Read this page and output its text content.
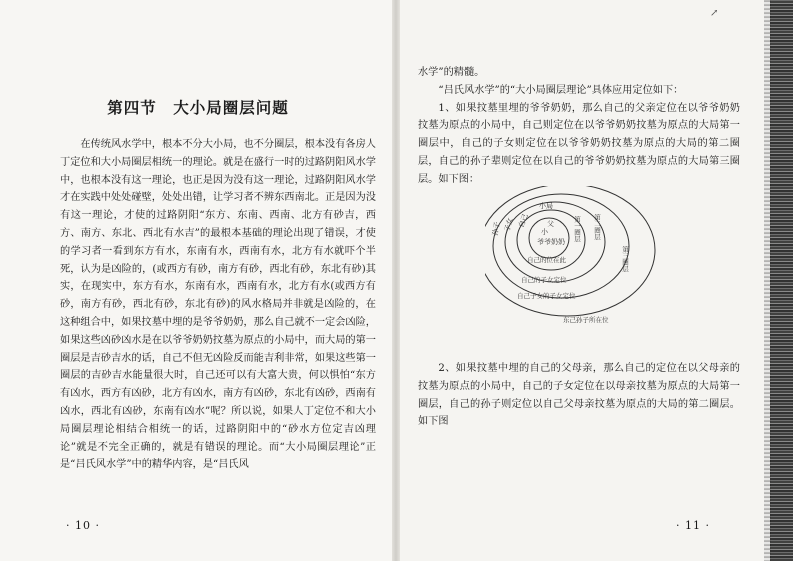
第四节　大小局圈层问题

在传统风水学中，根本不分大小局，也不分圈层，根本没有各房人丁定位和大小局圈层相统一的理论。就是在盛行一时的过路阴阳风水学中，也根本没有这一理论，也正是因为没有这一理论，过路阴阳风水学才在实践中处处碰壁，处处出错，让学习者不辨东西南北。正是因为没有这一理论，才使的过路阴阳“东方、东南、西南、北方有砂吉，西方、南方、东北、西北有水吉”的最根本基础的理论出现了错误，才使的学习者一看到东方有水，东南有水，西南有水，北方有水就吓个半死，认为是凶险的，(或西方有砂，南方有砂，西北有砂，东北有砂)其实，在现实中，东方有水，东南有水，西南有水，北方有水(或西方有砂，南方有砂，西北有砂，东北有砂)的风水格局并非就是凶险的，在这种组合中，如果抆墓中埋的是爷爷奶奶，那么自己就不一定会凶险，如果这些凶砂凶水是在以爷爷奶奶抆墓为原点的小局中，而大局的第一圈层是吉砂吉水的话，自己不但无凶险反而能吉利非常，如果这些第一圈层的吉砂吉水能量很大时，自己还可以有大富大贵，何以惧怕“东方有凶水，西方有凶砂，北方有凶水，南方有凶砂，东北有凶砂，西南有凶水，西北有凶砂，东南有凶水”呢？所以说，如果人丁定位不和大小局圈层理论相结合相统一的话，过路阴阳中的“砂水方位定吉凶理论”就是不完全正确的，就是有错误的理论。而“大小局圈层理论”正是“吕氏风水学”中的精华内容，是“吕氏风

· 10 ·
↗

水学”的精髓。

“吕氏风水学”的“大小局圈层理论”具体应用定位如下：

1、如果抆墓里埋的爷爷奶奶，那么自己的父亲定位在以爷爷奶奶抆墓为原点的小局中，自己则定位在以爷爷奶奶抆墓为原点的大局第一圈层中，自己的子女则定位在以爷爷奶奶抆墓为原点的大局的第二圈层，自己的孙子辈则定位在以自己的爷爷奶奶抆墓为原点的大局第三圈层。如下图：

小
父
爷爷奶奶
小局
自己
子女
孙子	第一圈层 第二圈层
第三圈层
自己的位在此
自己的子女定位
自己子女的子女定位
东己孙子所在位

2、如果抆墓中埋的自己的父母亲，那么自己的定位在以父母亲的抆墓为原点的小局中，自己的子女定位在以母亲抆墓为原点的大局第一圈层，自己的孙子则定位以自己父母亲抆墓为原点的大局的第二圈层。如下图

· 11 ·
